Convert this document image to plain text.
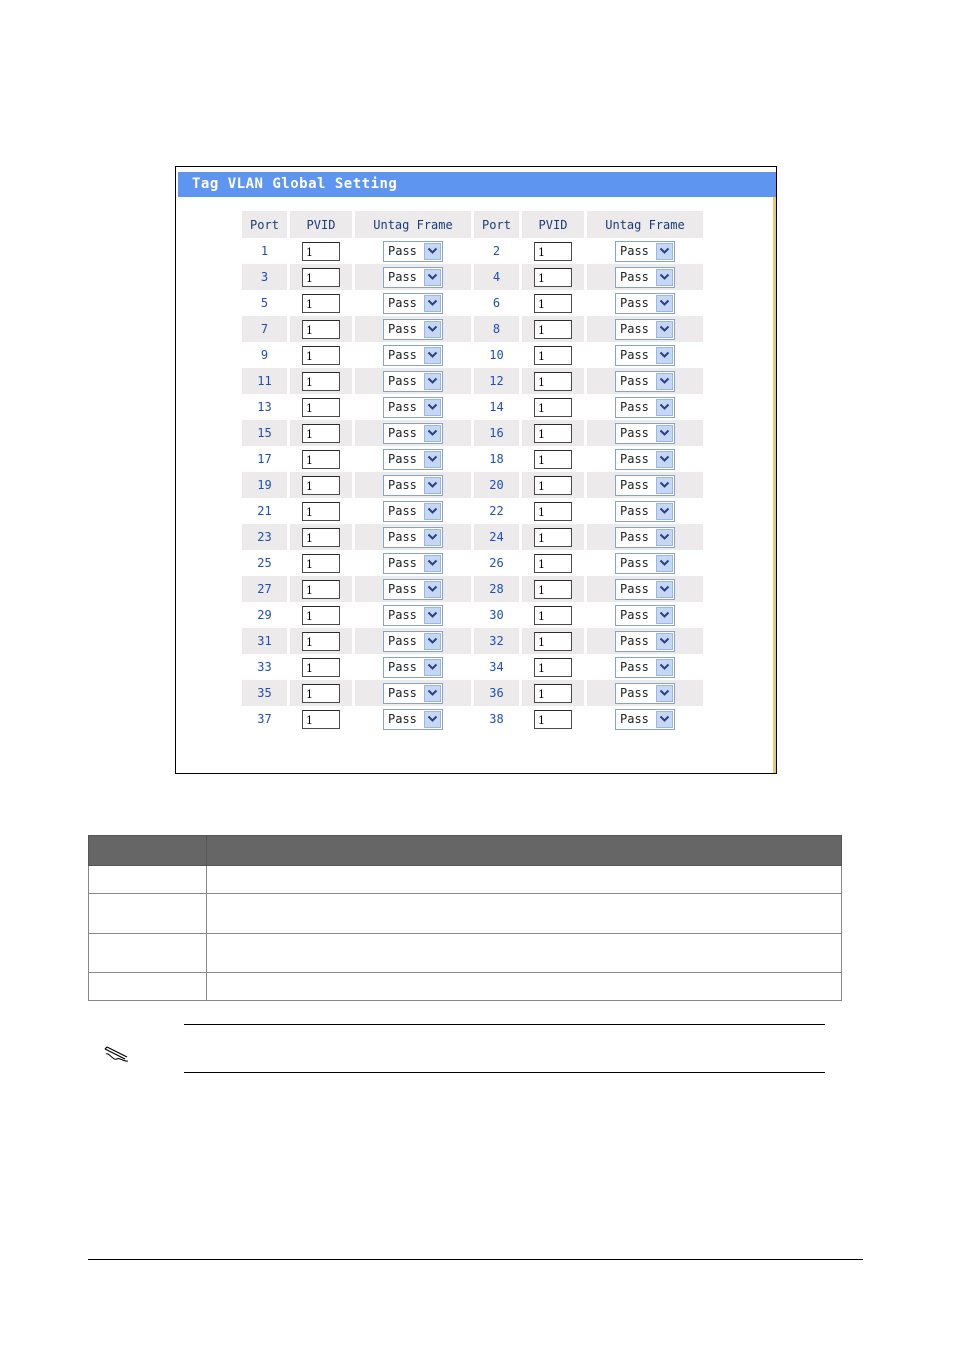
Tag VLAN Global Setting
Port	PVID	Untag Frame	Port	PVID	Untag Frame
1	1	Pass	2	1	Pass

3	1	Pass	4	1	Pass

5	1	Pass	6	1	Pass

7	1	Pass	8	1	Pass

9	1	Pass	10	1	Pass

11	1	Pass	12	1	Pass

13	1	Pass	14	1	Pass

15	1	Pass	16	1	Pass

17	1	Pass	18	1	Pass

19	1	Pass	20	1	Pass

21	1	Pass	22	1	Pass

23	1	Pass	24	1	Pass

25	1	Pass	26	1	Pass

27	1	Pass	28	1	Pass

29	1	Pass	30	1	Pass

31	1	Pass	32	1	Pass

33	1	Pass	34	1	Pass

35	1	Pass	36	1	Pass

37	1	Pass	38	1	Pass
